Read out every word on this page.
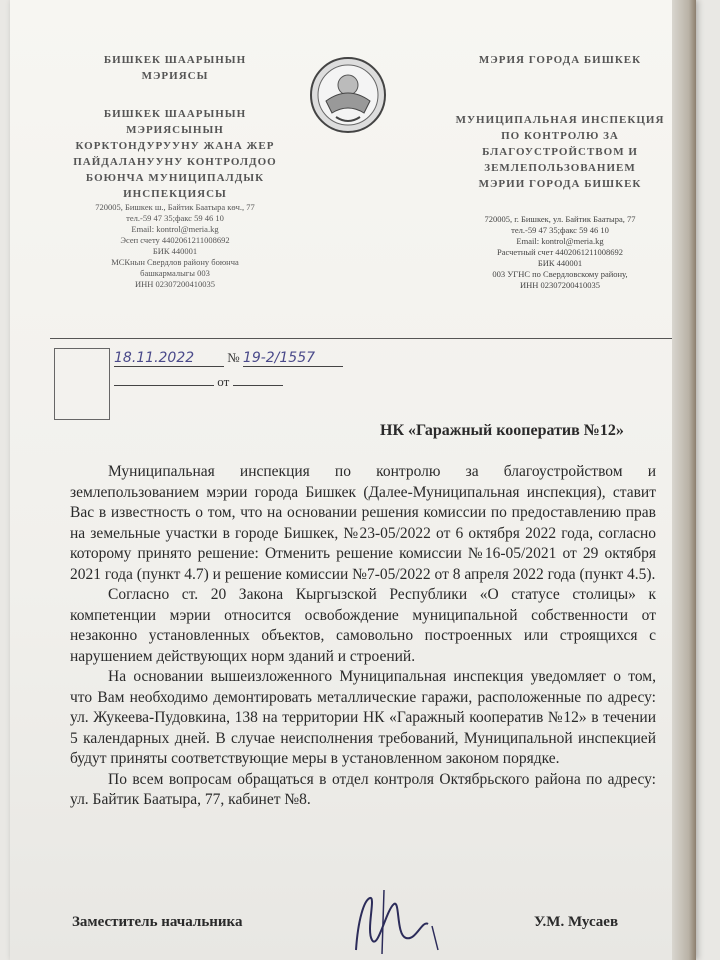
БИШКЕК ШААРЫНЫН
МЭРИЯСЫ
БИШКЕК ШААРЫНЫН
МЭРИЯСЫНЫН
КОРКТОНДУРУУНУ ЖАНА ЖЕР
ПАЙДАЛАНУУНУ КОНТРОЛДОО
БОЮНЧА МУНИЦИПАЛДЫК
ИНСПЕКЦИЯСЫ
720005, Бишкек ш., Байтик Баатыра көч., 77
тел.-59 47 35;факс 59 46 10
Email: kontrol@meria.kg
Эсеп счету 4402061211008692
БИК 440001
МСКнын Свердлов району боюнча
башкармалыгы 003
ИНН 02307200410035
МЭРИЯ ГОРОДА БИШКЕК
МУНИЦИПАЛЬНАЯ ИНСПЕКЦИЯ
ПО КОНТРОЛЮ ЗА
БЛАГОУСТРОЙСТВОМ И
ЗЕМЛЕПОЛЬЗОВАНИЕМ
МЭРИИ ГОРОДА БИШКЕК
720005, г. Бишкек, ул. Байтик Баатыра, 77
тел.-59 47 35;факс 59 46 10
Email: kontrol@meria.kg
Расчетный счет 4402061211008692
БИК 440001
003 УГНС по Свердловскому району,
ИНН 02307200410035
18.11.2022	№ 19-2/1557
от
НК «Гаражный кооператив №12»

Муниципальная инспекция по контролю за благоустройством и землепользованием мэрии города Бишкек (Далее-Муниципальная инспекция), ставит Вас в известность о том, что на основании решения комиссии по предоставлению прав на земельные участки в городе Бишкек, №23-05/2022 от 6 октября 2022 года, согласно которому принято решение: Отменить решение комиссии №16-05/2021 от 29 октября 2021 года (пункт 4.7) и решение комиссии №7-05/2022 от 8 апреля 2022 года (пункт 4.5).

Согласно ст. 20 Закона Кыргызской Республики «О статусе столицы» к компетенции мэрии относится освобождение муниципальной собственности от незаконно установленных объектов, самовольно построенных или строящихся с нарушением действующих норм зданий и строений.

На основании вышеизложенного Муниципальная инспекция уведомляет о том, что Вам необходимо демонтировать металлические гаражи, расположенные по адресу: ул. Жукеева-Пудовкина, 138 на территории НК «Гаражный кооператив №12» в течении 5 календарных дней. В случае неисполнения требований, Муниципальной инспекцией будут приняты соответствующие меры в установленном законом порядке.

По всем вопросам обращаться в отдел контроля Октябрьского района по адресу: ул. Байтик Баатыра, 77, кабинет №8.

Заместитель начальника	У.М. Мусаев
